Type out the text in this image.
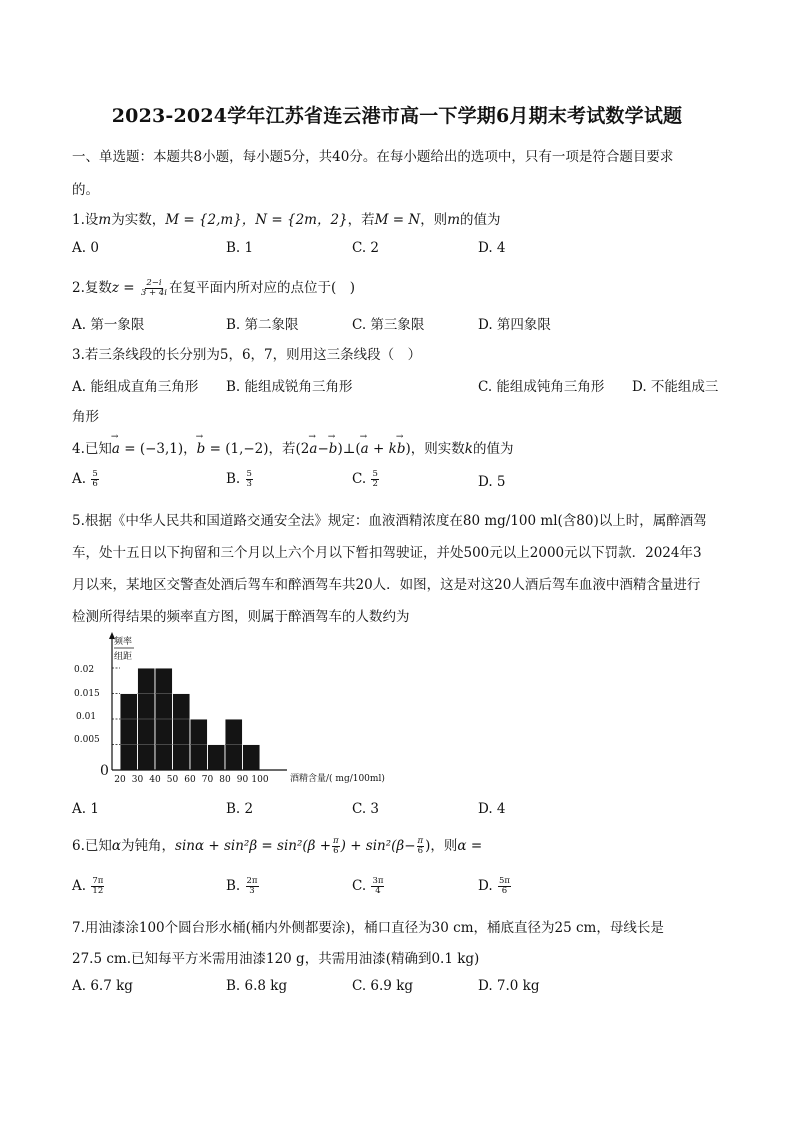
2023-2024学年江苏省连云港市高一下学期6月期末考试数学试题
一、单选题：本题共8小题，每小题5分，共40分。在每小题给出的选项中，只有一项是符合题目要求
的。
1.设m为实数，M = {2,m}，N = {2m，2}，若M = N，则m的值为
A. 0	B. 1	C. 2	D. 4
2.复数$z = \frac{2-i}{3 + 4i}$ 在复平面内所对应的点位于(　)
A. 第一象限	B. 第二象限	C. 第三象限	D. 第四象限
3.若三条线段的长分别为5，6，7，则用这三条线段（　）
A. 能组成直角三角形 B. 能组成锐角三角形	C. 能组成钝角三角形 D. 不能组成三
角形
4.已知→ a = (−3,1)，→ b = (1,−2)，若(2→ a−→ b)⊥(→ a + k→ b)，则实数k的值为
A. $\frac{5}{6}$	B. $\frac{5}{3}$	C. $\frac{5}{2}$	D. 5
5.根据《中华人民共和国道路交通安全法》规定：血液酒精浓度在80 mg/100 ml(含80)以上时，属醉酒驾
车，处十五日以下拘留和三个月以上六个月以下暂扣驾驶证，并处500元以上2000元以下罚款．2024年3
月以来，某地区交警查处酒后驾车和醉酒驾车共20人．如图，这是对这20人酒后驾车血液中酒精含量进行
检测所得结果的频率直方图，则属于醉酒驾车的人数约为
频率
组距
0.02
0.015
0.01
0.005
0
20 30 40 50 60 70 80 90 100 酒精含量/( mg/100ml)
A. 1	B. 2	C. 3	D. 4
6.已知α为钝角，$\sin\alpha + \sin^2\beta = \sin^2(\beta + \frac{\pi}{6}$ ) + $\sin^2(\beta- \frac{\pi}{6}$ )，则α =
A. $\frac{7\pi}{12}$	B. $\frac{2\pi}{3}$	C. $\frac{3\pi}{4}$	D. $\frac{5\pi}{6}$
7.用油漆涂100个圆台形水桶(桶内外侧都要涂)，桶口直径为30 cm，桶底直径为25 cm，母线长是
27.5 cm.已知每平方米需用油漆120 g，共需用油漆(精确到0.1 kg)
A. 6.7 kg	B. 6.8 kg	C. 6.9 kg	D. 7.0 kg
